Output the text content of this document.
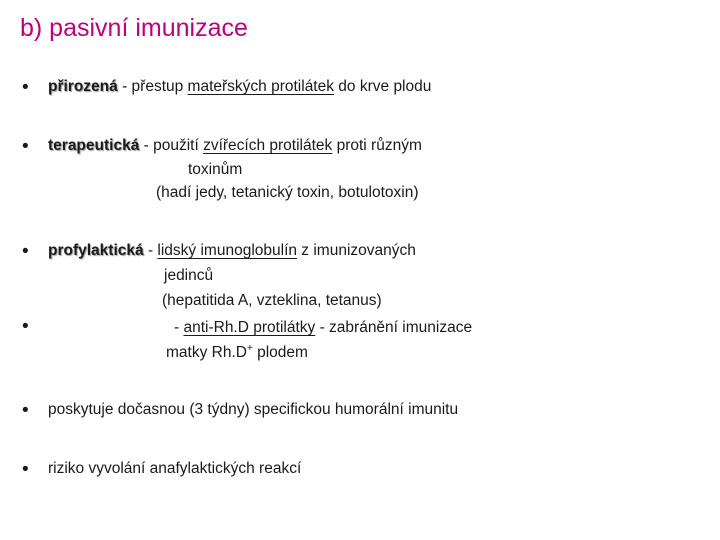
b) pasivní imunizace
• přirozená - přestup mateřských protilátek do krve plodu
• terapeutická - použití zvířecích protilátek proti různým
toxinům
(hadí jedy, tetanický toxin, botulotoxin)
• profylaktická - lidský imunoglobulín z imunizovaných
jedinců
(hepatitida A, vzteklina, tetanus)
•	- anti-Rh.D protilátky - zabránění imunizace
matky Rh.D+ plodem
• poskytuje dočasnou (3 týdny) specifickou humorální imunitu
• riziko vyvolání anafylaktických reakcí
